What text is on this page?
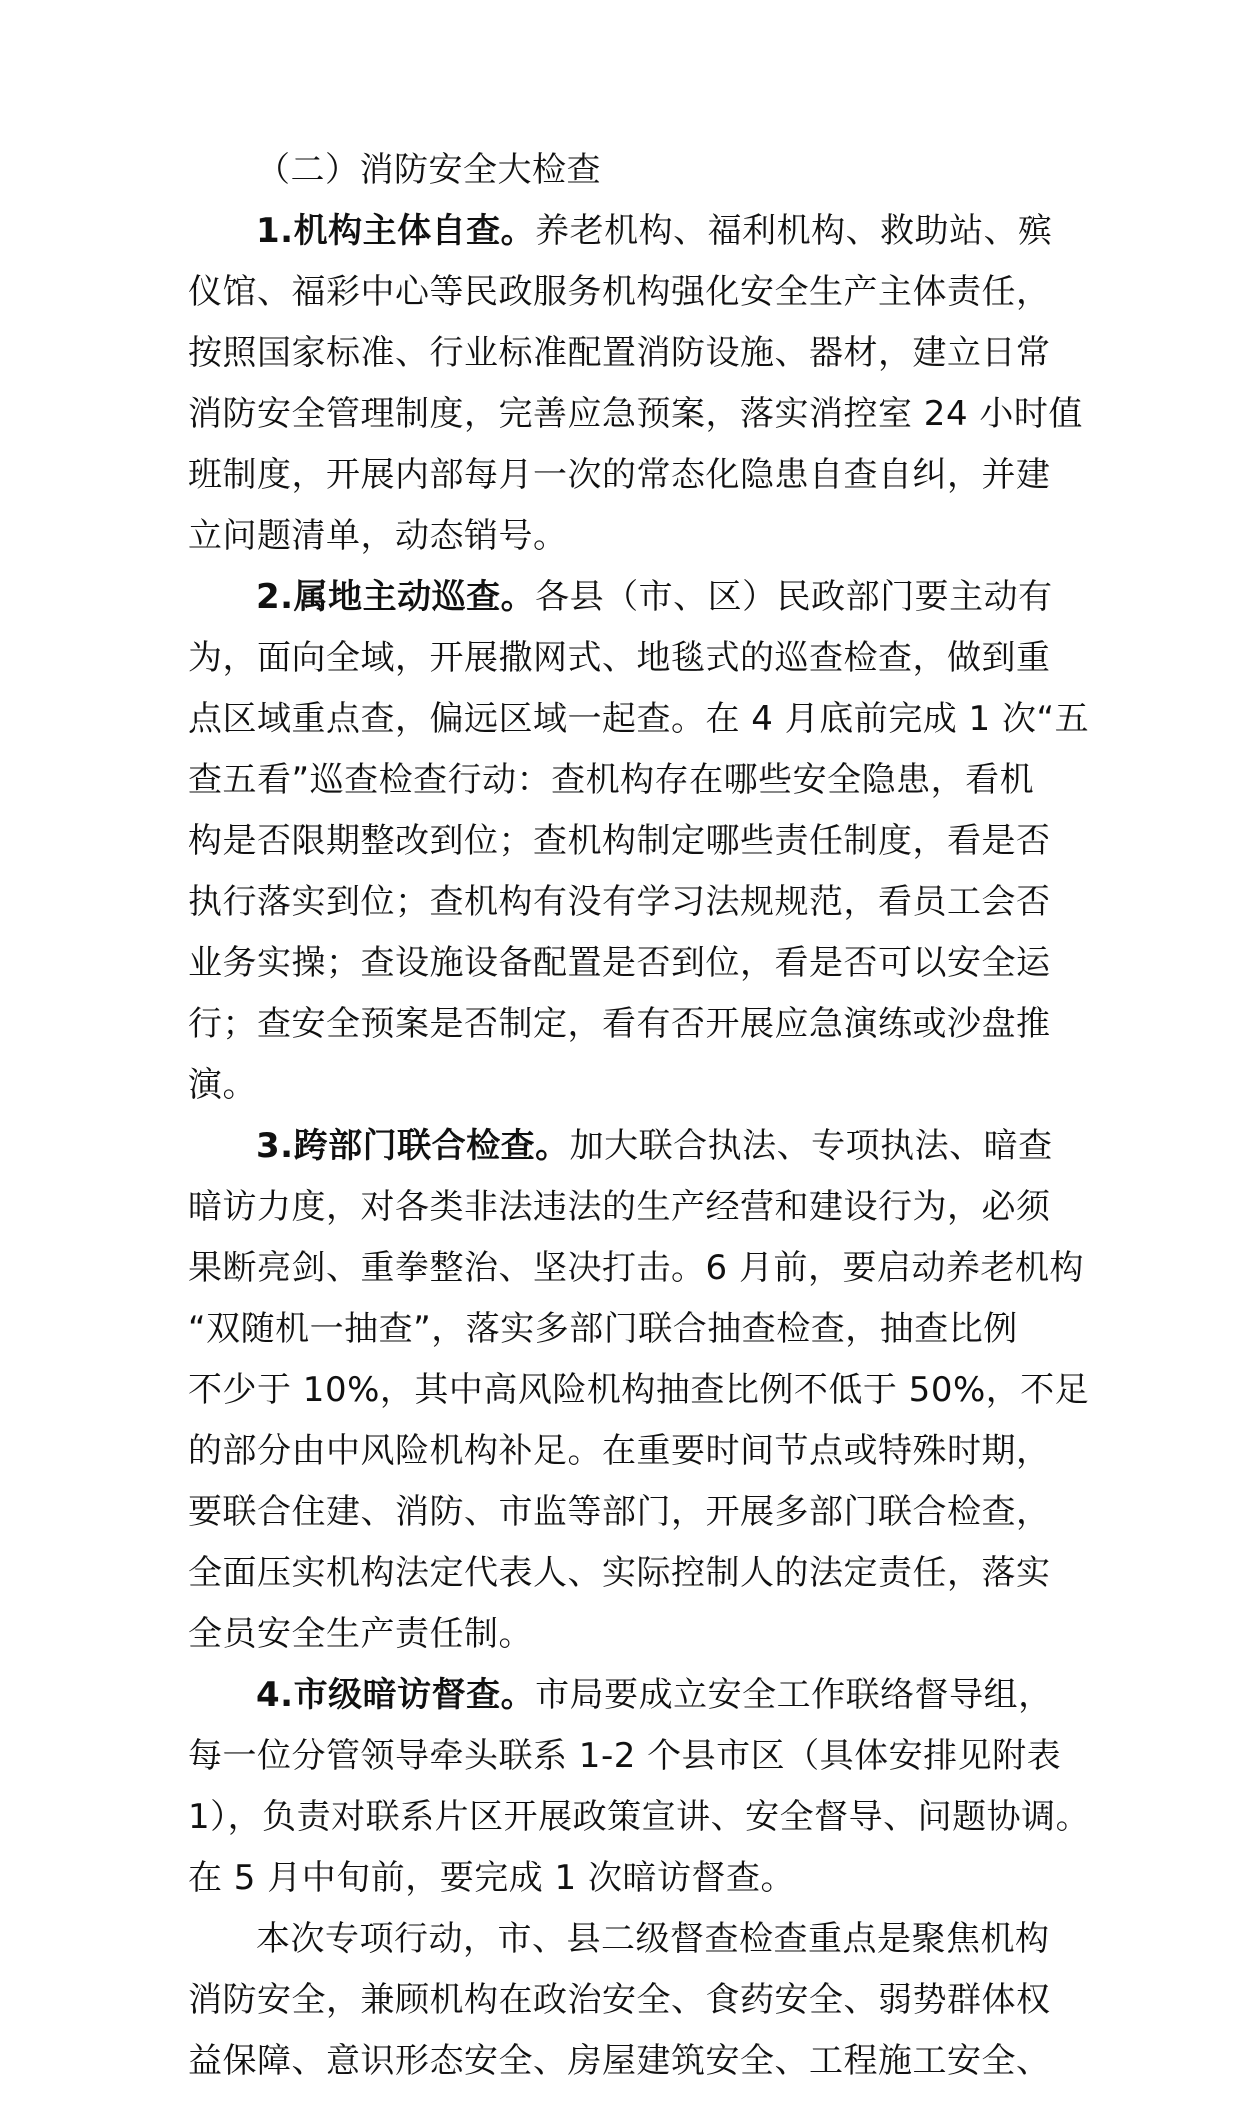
（二）消防安全大检查
1.机构主体自查。养老机构、福利机构、救助站、殡
仪馆、福彩中心等民政服务机构强化安全生产主体责任，
按照国家标准、行业标准配置消防设施、器材，建立日常
消防安全管理制度，完善应急预案，落实消控室 24 小时值
班制度，开展内部每月一次的常态化隐患自查自纠，并建
立问题清单，动态销号。
2.属地主动巡查。各县（市、区）民政部门要主动有
为，面向全域，开展撒网式、地毯式的巡查检查，做到重
点区域重点查，偏远区域一起查。在 4 月底前完成 1 次“五
查五看”巡查检查行动：查机构存在哪些安全隐患，看机
构是否限期整改到位；查机构制定哪些责任制度，看是否
执行落实到位；查机构有没有学习法规规范，看员工会否
业务实操；查设施设备配置是否到位，看是否可以安全运
行；查安全预案是否制定，看有否开展应急演练或沙盘推
演。
3.跨部门联合检查。加大联合执法、专项执法、暗查
暗访力度，对各类非法违法的生产经营和建设行为，必须
果断亮剑、重拳整治、坚决打击。6 月前，要启动养老机构
“双随机一抽查”，落实多部门联合抽查检查，抽查比例
不少于 10%，其中高风险机构抽查比例不低于 50%，不足
的部分由中风险机构补足。在重要时间节点或特殊时期，
要联合住建、消防、市监等部门，开展多部门联合检查，
全面压实机构法定代表人、实际控制人的法定责任，落实
全员安全生产责任制。
4.市级暗访督查。市局要成立安全工作联络督导组，
每一位分管领导牵头联系 1-2 个县市区（具体安排见附表
1），负责对联系片区开展政策宣讲、安全督导、问题协调。
在 5 月中旬前，要完成 1 次暗访督查。
本次专项行动，市、县二级督查检查重点是聚焦机构
消防安全，兼顾机构在政治安全、食药安全、弱势群体权
益保障、意识形态安全、房屋建筑安全、工程施工安全、
